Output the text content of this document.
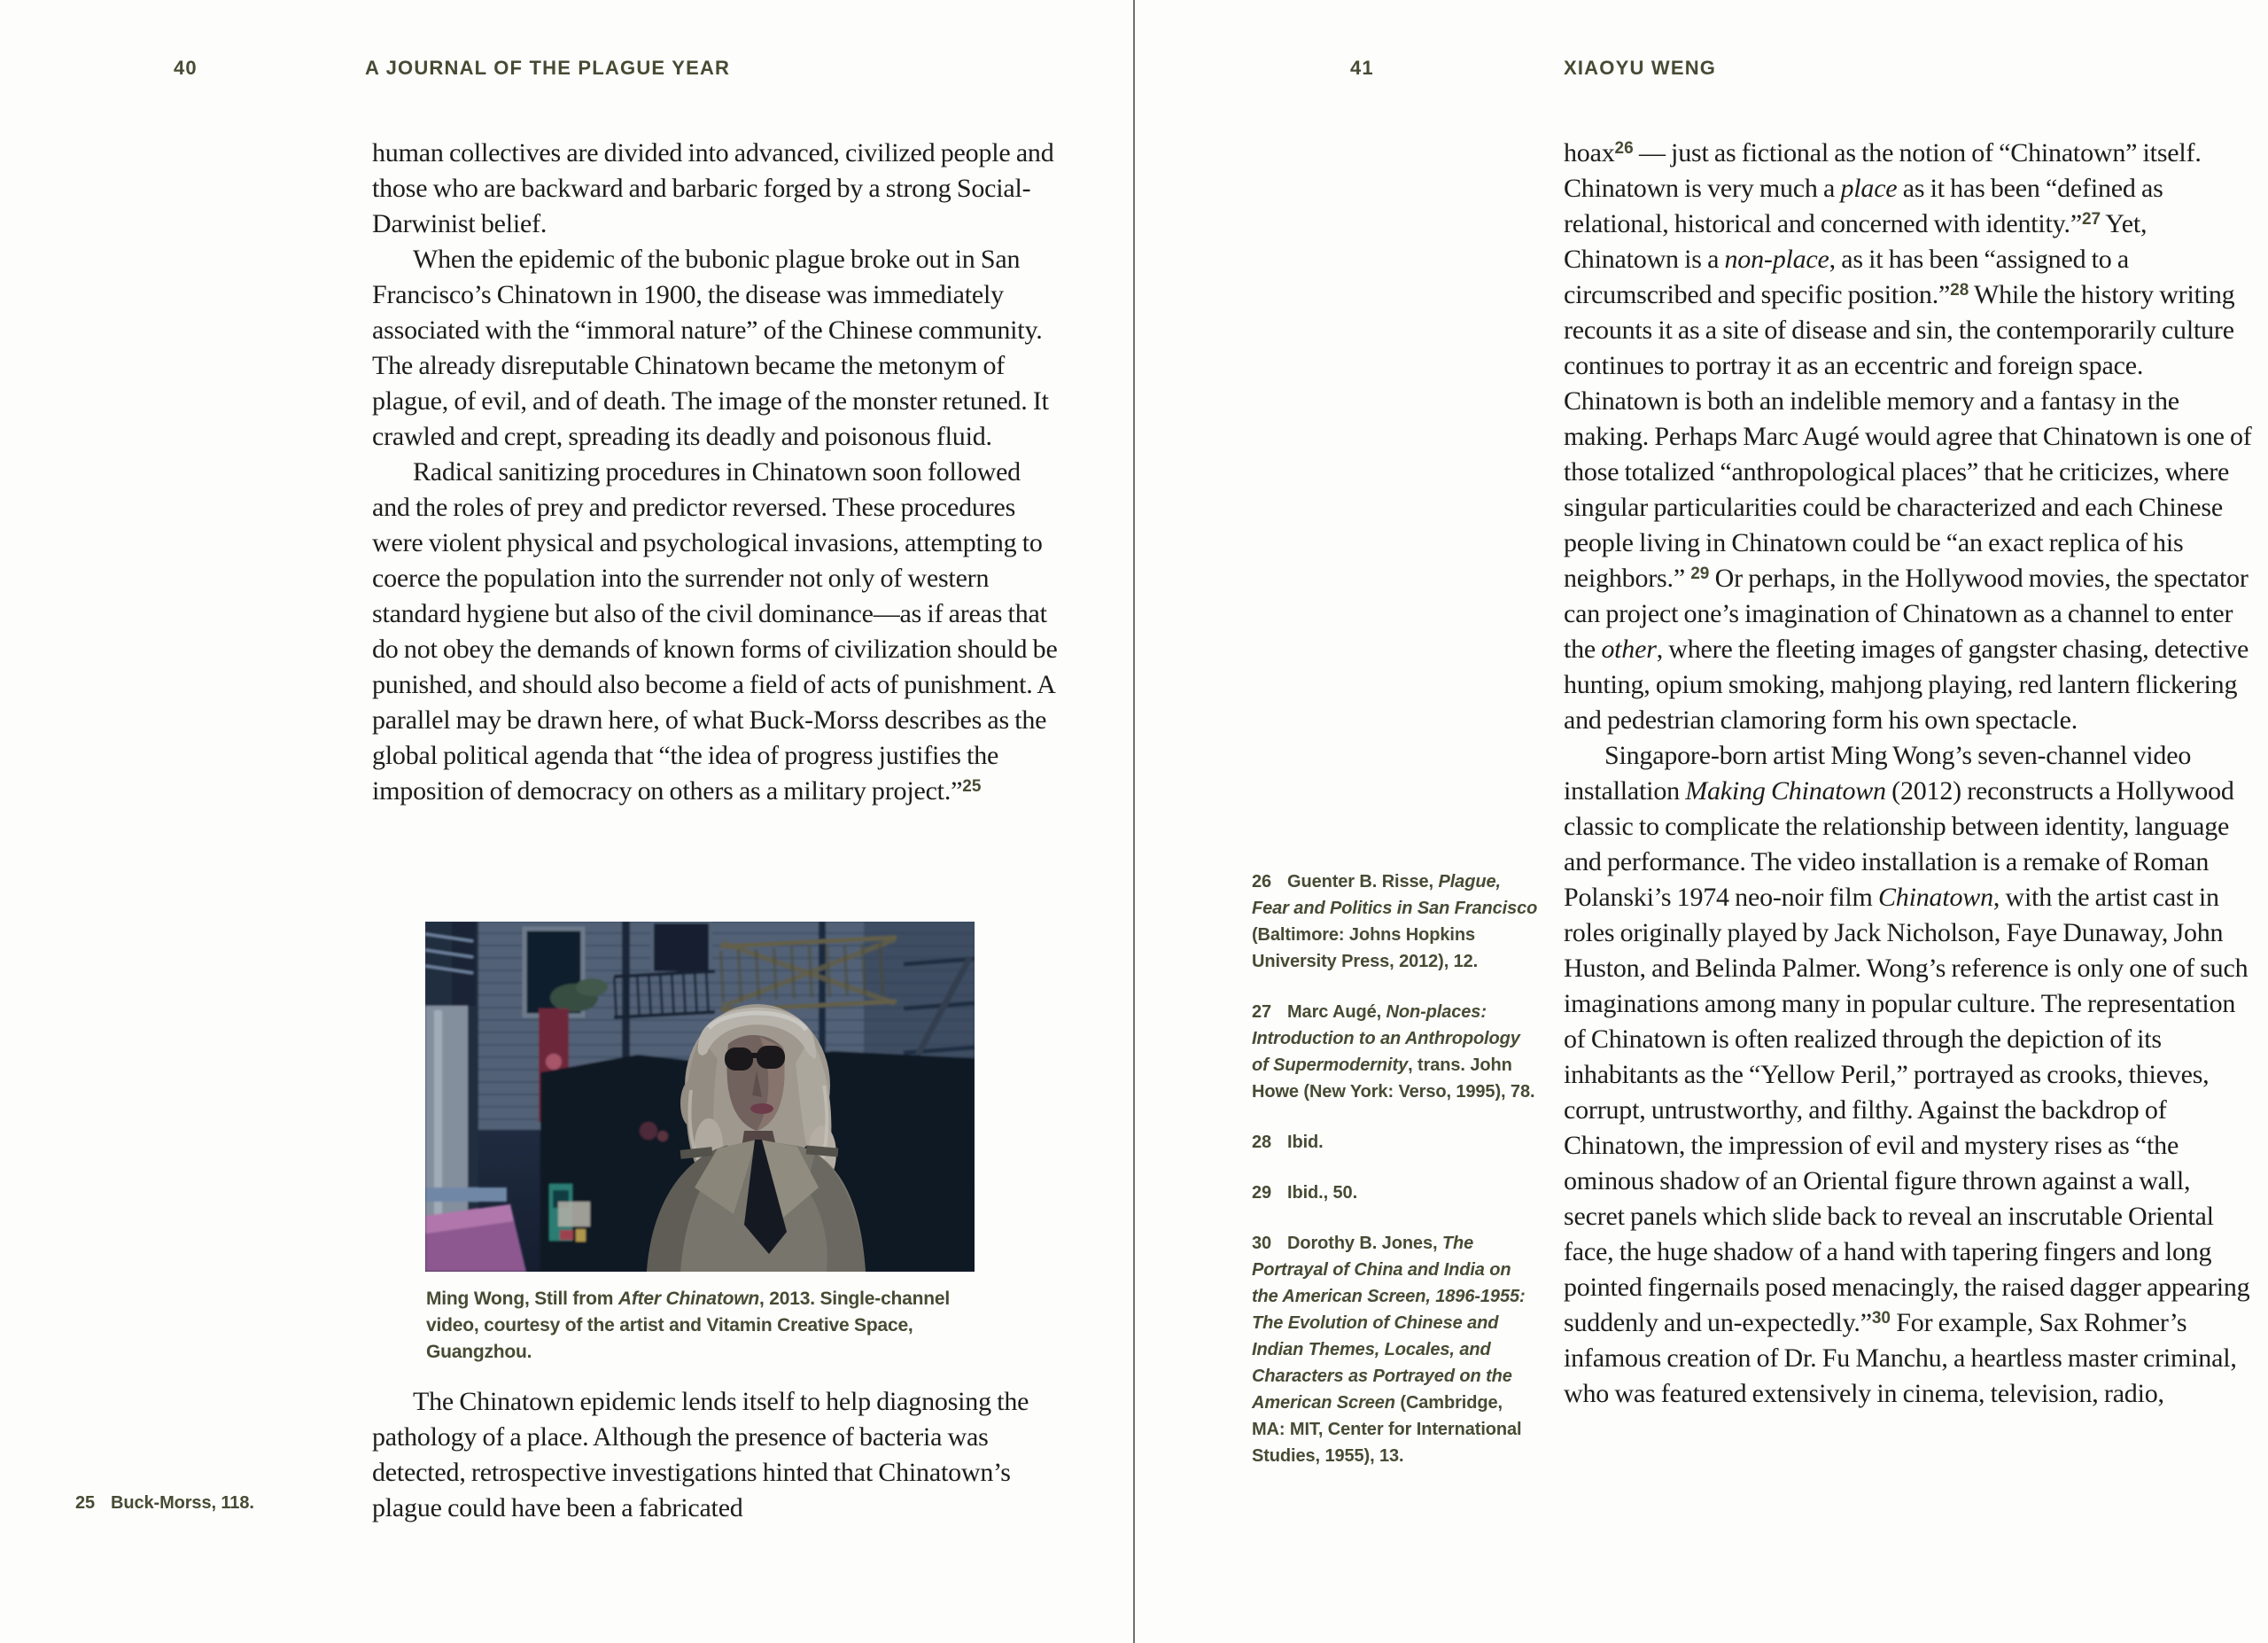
40	A JOURNAL OF THE PLAGUE YEAR

human collectives are divided into advanced, civilized people and those who are backward and barbaric forged by a strong Social-Darwinist belief.

When the epidemic of the bubonic plague broke out in San Francisco’s Chinatown in 1900, the disease was immediately associated with the “immoral nature” of the Chinese community. The already disreputable Chinatown became the metonym of plague, of evil, and of death. The image of the monster retuned. It crawled and crept, spreading its deadly and poisonous fluid.

Radical sanitizing procedures in Chinatown soon followed and the roles of prey and predictor reversed. These procedures were violent physical and psychological invasions, attempting to coerce the population into the surrender not only of western standard hygiene but also of the civil dominance—as if areas that do not obey the demands of known forms of civilization should be punished, and should also become a field of acts of punishment. A parallel may be drawn here, of what Buck-Morss describes as the global political agenda that “the idea of progress justifies the imposition of democracy on others as a military project.”$^{25}$

Ming Wong, Still from After Chinatown, 2013. Single-channel video, courtesy of the artist and Vitamin Creative Space, Guangzhou.

The Chinatown epidemic lends itself to help diagnosing the pathology of a place. Although the presence of bacteria was detected, retrospective investigations hinted that Chinatown’s plague could have been a fabricated

25 Buck-Morss, 118.
41	XIAOYU WENG

hoax$^{26}$ — just as fictional as the notion of “Chinatown” itself. Chinatown is very much a place as it has been “defined as relational, historical and concerned with identity.”$^{27}$ Yet, Chinatown is a non-place, as it has been “assigned to a circumscribed and specific position.”$^{28}$ While the history writing recounts it as a site of disease and sin, the contemporarily culture continues to portray it as an eccentric and foreign space. Chinatown is both an indelible memory and a fantasy in the making. Perhaps Marc Augé would agree that Chinatown is one of those totalized “anthropological places” that he criticizes, where singular particularities could be characterized and each Chinese people living in Chinatown could be “an exact replica of his neighbors.” $^{29}$ Or perhaps, in the Hollywood movies, the spectator can project one’s imagination of Chinatown as a channel to enter the other, where the fleeting images of gangster chasing, detective hunting, opium smoking, mahjong playing, red lantern flickering and pedestrian clamoring form his own spectacle.

Singapore-born artist Ming Wong’s seven-channel video installation Making Chinatown (2012) reconstructs a Hollywood classic to complicate the relationship between identity, language and performance. The video installation is a remake of Roman Polanski’s 1974 neo-noir film Chinatown, with the artist cast in roles originally played by Jack Nicholson, Faye Dunaway, John Huston, and Belinda Palmer. Wong’s reference is only one of such imaginations among many in popular culture. The representation of Chinatown is often realized through the depiction of its inhabitants as the “Yellow Peril,” portrayed as crooks, thieves, corrupt, untrustworthy, and filthy. Against the backdrop of Chinatown, the impression of evil and mystery rises as “the ominous shadow of an Oriental figure thrown against a wall, secret panels which slide back to reveal an inscrutable Oriental face, the huge shadow of a hand with tapering fingers and long pointed fingernails posed menacingly, the raised dagger appearing suddenly and un-expectedly.”$^{30}$ For example, Sax Rohmer’s infamous creation of Dr. Fu Manchu, a heartless master criminal, who was featured extensively in cinema, television, radio,

26 Guenter B. Risse, Plague, Fear and Politics in San Francisco (Baltimore: Johns Hopkins University Press, 2012), 12.
27 Marc Augé, Non-places: Introduction to an Anthropology of Supermodernity, trans. John Howe (New York: Verso, 1995), 78.
28 Ibid.
29 Ibid., 50.
30 Dorothy B. Jones, The Portrayal of China and India on the American Screen, 1896-1955: The Evolution of Chinese and Indian Themes, Locales, and Characters as Portrayed on the American Screen (Cambridge, MA: MIT, Center for International Studies, 1955), 13.
